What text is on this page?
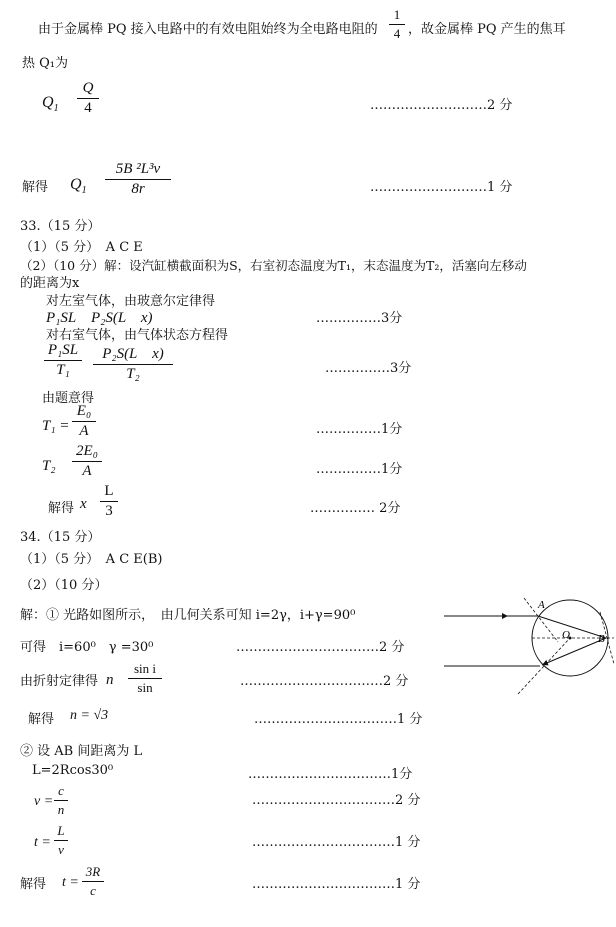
由于金属棒 PQ 接入电路中的有效电阻始终为全电路电阻的
1
4 ，故金属棒 PQ 产生的焦耳
热 Q₁为
$Q_1$
Q
4	………………………2 分
解得 $Q_1$
5B ²L³v
8r	………………………1 分
33.（15 分）
（1）（5 分）　A C E
（2）（10 分）解：设汽缸横截面积为S，右室初态温度为T₁，末态温度为T₂，活塞向左移动
的距离为x
对左室气体，由玻意尔定律得
P₁SL　P₂S(L　x)	……………3分
对右室气体，由气体状态方程得
P₁SL
T₁
P₂S(L　x)
T₂	……………3分
由题意得
T₁ =
E₀
A	……………1分
T₂
2E₀
A	……………1分
解得 x
L
3	…………… 2分
34.（15 分）
（1）（5 分）　A C E(B)
（2）（10 分）
解：① 光路如图所示，　由几何关系可知 i=2γ，i+γ=90⁰
可得　i=60⁰　γ =30⁰	……………………………2 分
由折射定律得 n
sin i
sin	……………………………2 分
解得 n = √3	……………………………1 分
② 设 AB 间距离为 L
L=2Rcos30⁰	……………………………1分
v =
c
n
……………………………2 分
t =
L
v	……………………………1 分
解得 t =
3R
c	……………………………1 分
A
O	B
